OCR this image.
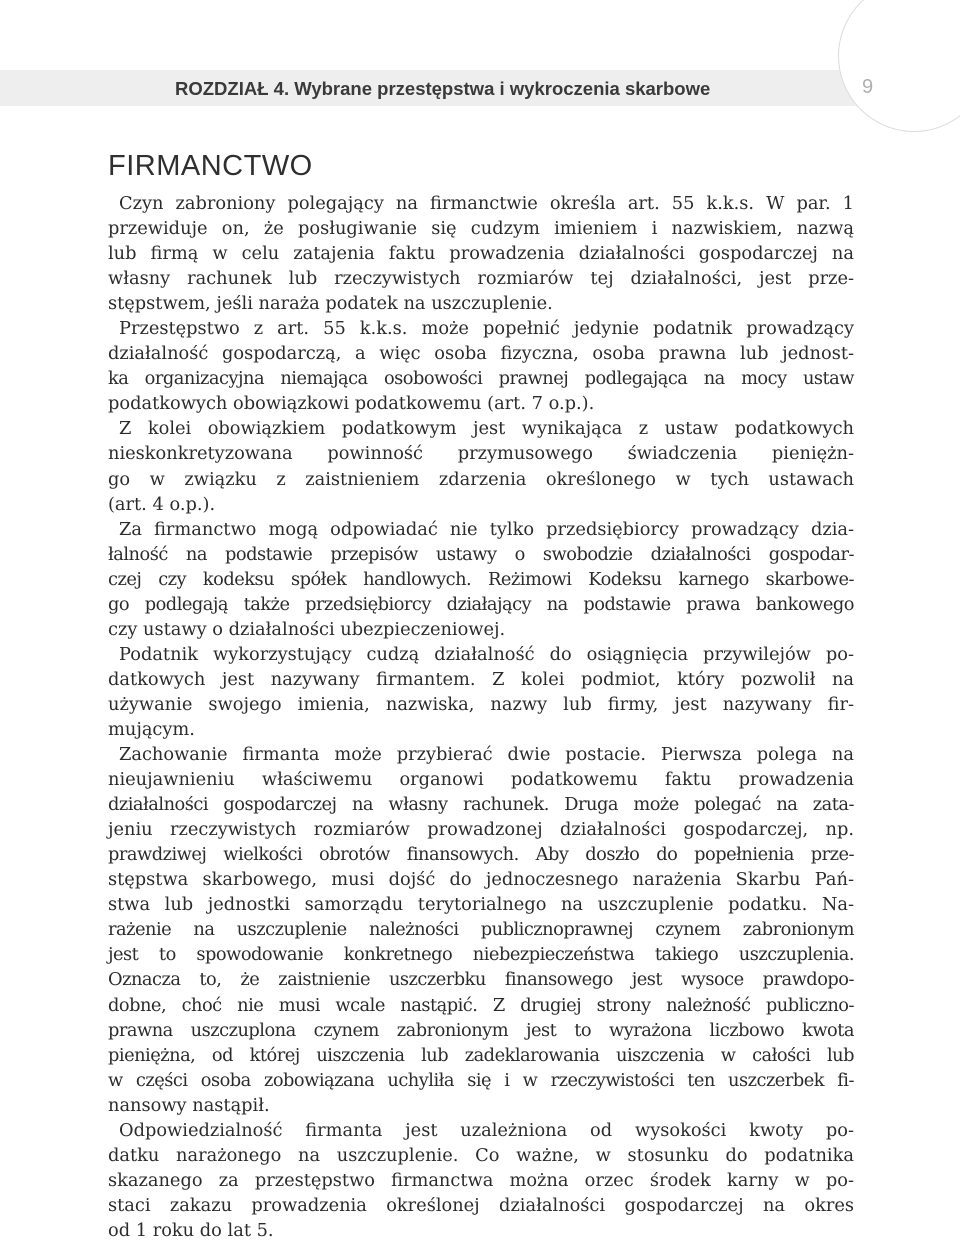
9
ROZDZIAŁ 4. Wybrane przestępstwa i wykroczenia skarbowe
FIRMANCTWO
Czyn zabroniony polegający na firmanctwie określa art. 55 k.k.s. W par. 1
przewiduje on, że posługiwanie się cudzym imieniem i nazwiskiem, nazwą
lub firmą w celu zatajenia faktu prowadzenia działalności gospodarczej na
własny rachunek lub rzeczywistych rozmiarów tej działalności, jest prze-
stępstwem, jeśli naraża podatek na uszczuplenie.
Przestępstwo z art. 55 k.k.s. może popełnić jedynie podatnik prowadzący
działalność gospodarczą, a więc osoba fizyczna, osoba prawna lub jednost-
ka organizacyjna niemająca osobowości prawnej podlegająca na mocy ustaw
podatkowych obowiązkowi podatkowemu (art. 7 o.p.).
Z kolei obowiązkiem podatkowym jest wynikająca z ustaw podatkowych
nieskonkretyzowana powinność przymusowego świadczenia pieniężn-
go w związku z zaistnieniem zdarzenia określonego w tych ustawach
(art. 4 o.p.).
Za firmanctwo mogą odpowiadać nie tylko przedsiębiorcy prowadzący dzia-
łalność na podstawie przepisów ustawy o swobodzie działalności gospodar-
czej czy kodeksu spółek handlowych. Reżimowi Kodeksu karnego skarbowe-
go podlegają także przedsiębiorcy działający na podstawie prawa bankowego
czy ustawy o działalności ubezpieczeniowej.
Podatnik wykorzystujący cudzą działalność do osiągnięcia przywilejów po-
datkowych jest nazywany firmantem. Z kolei podmiot, który pozwolił na
używanie swojego imienia, nazwiska, nazwy lub firmy, jest nazywany fir-
mującym.
Zachowanie firmanta może przybierać dwie postacie. Pierwsza polega na
nieujawnieniu właściwemu organowi podatkowemu faktu prowadzenia
działalności gospodarczej na własny rachunek. Druga może polegać na zata-
jeniu rzeczywistych rozmiarów prowadzonej działalności gospodarczej, np.
prawdziwej wielkości obrotów finansowych. Aby doszło do popełnienia prze-
stępstwa skarbowego, musi dojść do jednoczesnego narażenia Skarbu Pań-
stwa lub jednostki samorządu terytorialnego na uszczuplenie podatku. Na-
rażenie na uszczuplenie należności publicznoprawnej czynem zabronionym
jest to spowodowanie konkretnego niebezpieczeństwa takiego uszczuplenia.
Oznacza to, że zaistnienie uszczerbku finansowego jest wysoce prawdopo-
dobne, choć nie musi wcale nastąpić. Z drugiej strony należność publiczno-
prawna uszczuplona czynem zabronionym jest to wyrażona liczbowo kwota
pieniężna, od której uiszczenia lub zadeklarowania uiszczenia w całości lub
w części osoba zobowiązana uchyliła się i w rzeczywistości ten uszczerbek fi-
nansowy nastąpił.
Odpowiedzialność firmanta jest uzależniona od wysokości kwoty po-
datku narażonego na uszczuplenie. Co ważne, w stosunku do podatnika
skazanego za przestępstwo firmanctwa można orzec środek karny w po-
staci zakazu prowadzenia określonej działalności gospodarczej na okres
od 1 roku do lat 5.
